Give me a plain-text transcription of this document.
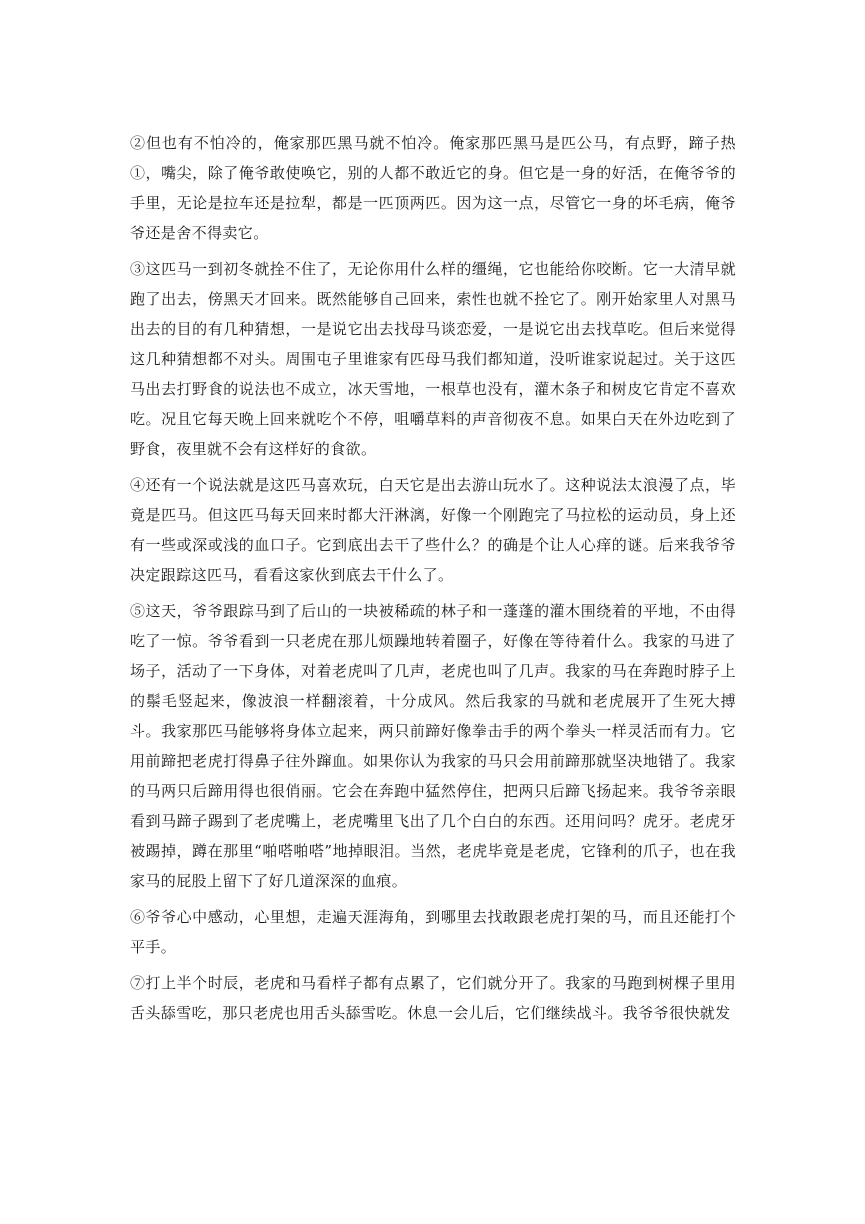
②但也有不怕冷的，俺家那匹黑马就不怕冷。俺家那匹黑马是匹公马，有点野，蹄子热①，嘴尖，除了俺爷敢使唤它，别的人都不敢近它的身。但它是一身的好活，在俺爷爷的手里，无论是拉车还是拉犁，都是一匹顶两匹。因为这一点，尽管它一身的坏毛病，俺爷爷还是舍不得卖它。

③这匹马一到初冬就拴不住了，无论你用什么样的缰绳，它也能给你咬断。它一大清早就跑了出去，傍黑天才回来。既然能够自己回来，索性也就不拴它了。刚开始家里人对黑马出去的目的有几种猜想，一是说它出去找母马谈恋爱，一是说它出去找草吃。但后来觉得这几种猜想都不对头。周围屯子里谁家有匹母马我们都知道，没听谁家说起过。关于这匹马出去打野食的说法也不成立，冰天雪地，一根草也没有，灌木条子和树皮它肯定不喜欢吃。况且它每天晚上回来就吃个不停，咀嚼草料的声音彻夜不息。如果白天在外边吃到了野食，夜里就不会有这样好的食欲。

④还有一个说法就是这匹马喜欢玩，白天它是出去游山玩水了。这种说法太浪漫了点，毕竟是匹马。但这匹马每天回来时都大汗淋漓，好像一个刚跑完了马拉松的运动员，身上还有一些或深或浅的血口子。它到底出去干了些什么？的确是个让人心痒的谜。后来我爷爷决定跟踪这匹马，看看这家伙到底去干什么了。

⑤这天，爷爷跟踪马到了后山的一块被稀疏的林子和一蓬蓬的灌木围绕着的平地，不由得吃了一惊。爷爷看到一只老虎在那儿烦躁地转着圈子，好像在等待着什么。我家的马进了场子，活动了一下身体，对着老虎叫了几声，老虎也叫了几声。我家的马在奔跑时脖子上的鬃毛竖起来，像波浪一样翻滚着，十分成风。然后我家的马就和老虎展开了生死大搏斗。我家那匹马能够将身体立起来，两只前蹄好像拳击手的两个拳头一样灵活而有力。它用前蹄把老虎打得鼻子往外蹿血。如果你认为我家的马只会用前蹄那就坚决地错了。我家的马两只后蹄用得也很俏丽。它会在奔跑中猛然停住，把两只后蹄飞扬起来。我爷爷亲眼看到马蹄子踢到了老虎嘴上，老虎嘴里飞出了几个白白的东西。还用问吗？虎牙。老虎牙被踢掉，蹲在那里“啪嗒啪嗒”地掉眼泪。当然，老虎毕竟是老虎，它锋利的爪子，也在我家马的屁股上留下了好几道深深的血痕。

⑥爷爷心中感动，心里想，走遍天涯海角，到哪里去找敢跟老虎打架的马，而且还能打个平手。

⑦打上半个时辰，老虎和马看样子都有点累了，它们就分开了。我家的马跑到树棵子里用舌头舔雪吃，那只老虎也用舌头舔雪吃。休息一会儿后，它们继续战斗。我爷爷很快就发
